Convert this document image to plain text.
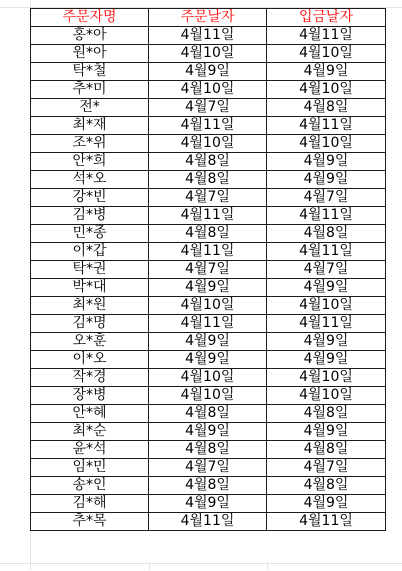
주문자명	주문날자	입금날자
홍*아	4월11일	4월11일
원*아	4월10일	4월10일
탁*철	4월9일	4월9일
추*미	4월10일	4월10일
전*	4월7일	4월8일
최*재	4월11일	4월11일
조*위	4월10일	4월10일
안*희	4월8일	4월9일
석*오	4월8일	4월9일
강*빈	4월7일	4월7일
김*병	4월11일	4월11일
민*종	4월8일	4월8일
이*갑	4월11일	4월11일
탁*권	4월7일	4월7일
박*대	4월9일	4월9일
최*원	4월10일	4월10일
김*명	4월11일	4월11일
오*훈	4월9일	4월9일
이*오	4월9일	4월9일
작*경	4월10일	4월10일
장*병	4월10일	4월10일
안*혜	4월8일	4월8일
최*순	4월9일	4월9일
윤*석	4월8일	4월8일
임*민	4월7일	4월7일
송*인	4월8일	4월8일
김*해	4월9일	4월9일
추*목	4월11일	4월11일
